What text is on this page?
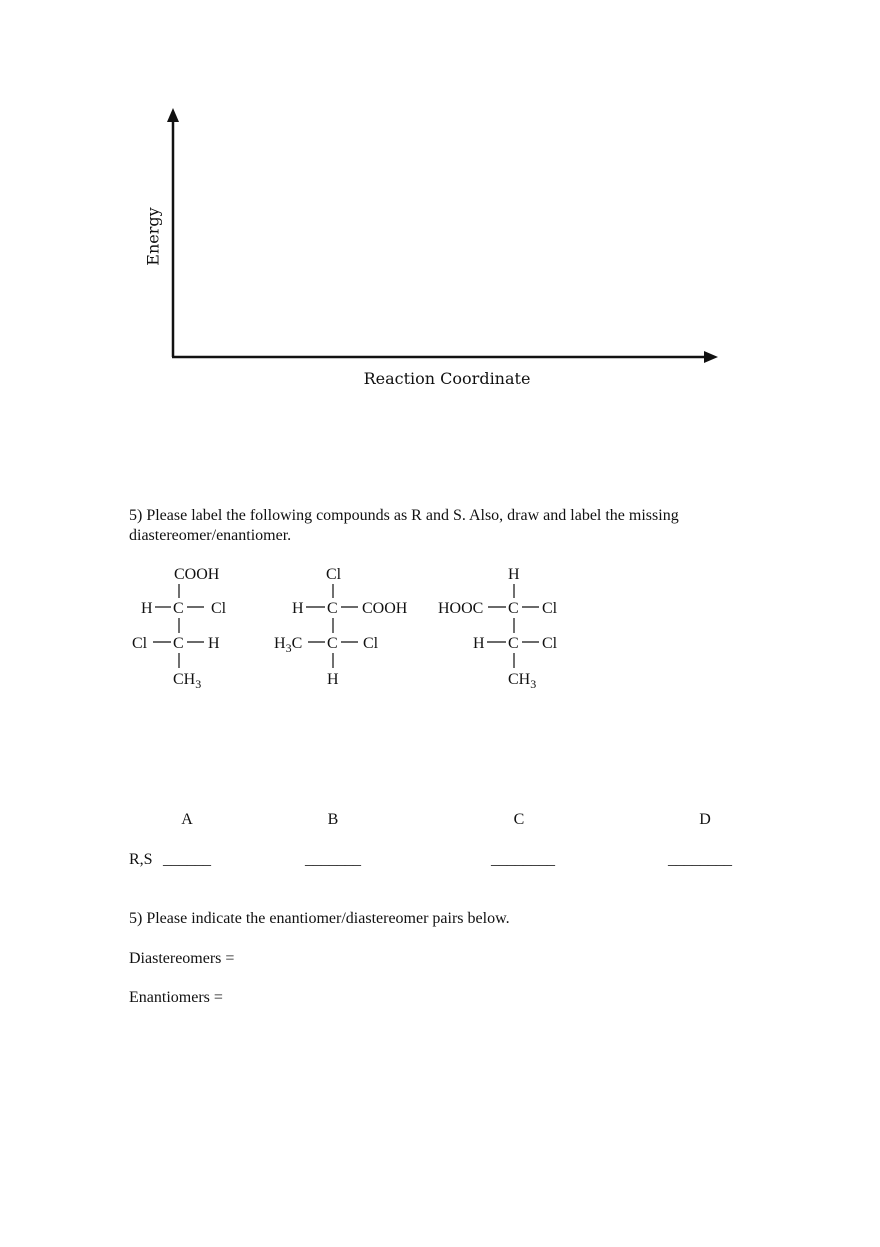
Energy
Reaction Coordinate
5) Please label the following compounds as R and S. Also, draw and label the missing
diastereomer/enantiomer.
COOH
H C Cl
Cl C H
$CH_3$
Cl
H C COOH
$H_3C$ C Cl
H
H
HOOC C Cl
H C Cl
$CH_3$
A	B	C	D
R,S ______	_______	________	________
5) Please indicate the enantiomer/diastereomer pairs below.
Diastereomers =
Enantiomers =
